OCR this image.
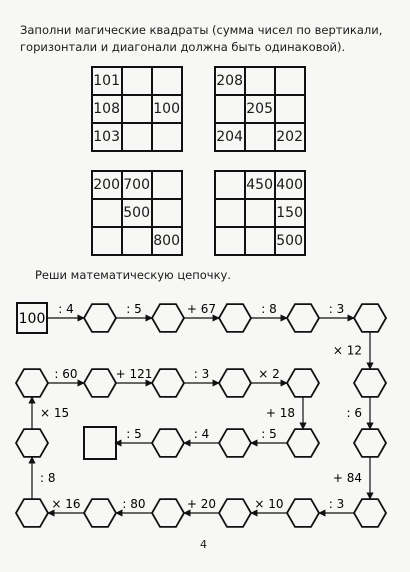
Заполни магические квадраты (сумма чисел по вертикали, горизонтали и диагонали должна быть одинаковой).

101		
108		100
103		
208		
	205	
204		202
200	700	
	500	
		800
	450	400
		150
		500

Реши математическую цепочку.

100
: 4	: 5	+ 67	: 8	: 3
× 12
: 6
+ 84
: 3
× 10
+ 20
: 80
× 16
: 8
× 15
: 60	+ 121	: 3	× 2
+ 18
: 5
: 4
: 5

4
